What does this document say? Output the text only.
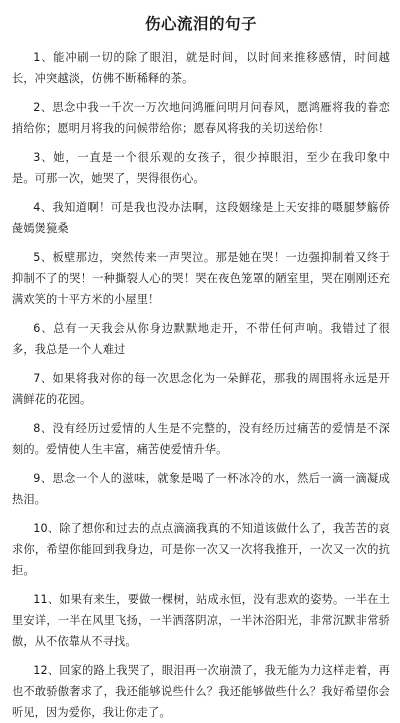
伤心流泪的句子

1、能冲刷一切的除了眼泪，就是时间，以时间来推移感情，时间越长，冲突越淡，仿佛不断稀释的茶。

2、思念中我一千次一万次地问鸿雁问明月问春风，愿鸿雁将我的眷恋捎给你；愿明月将我的问候带给你；愿春风将我的关切送给你！

3、她，一直是一个很乐观的女孩子，很少掉眼泪，至少在我印象中是。可那一次，她哭了，哭得很伤心。

4、我知道啊！可是我也没办法啊，这段姻缘是上天安排的嗫腿梦觞侨彘嫣煲獍桑

5、板壁那边，突然传来一声哭泣。那是她在哭！一边强抑制着又终于抑制不了的哭！一种撕裂人心的哭！哭在夜色笼罩的陋室里，哭在刚刚还充满欢笑的十平方米的小屋里！

6、总有一天我会从你身边默默地走开，不带任何声响。我错过了很多，我总是一个人难过

7、如果将我对你的每一次思念化为一朵鲜花，那我的周围将永远是开满鲜花的花园。

8、没有经历过爱情的人生是不完整的，没有经历过痛苦的爱情是不深刻的。爱情使人生丰富，痛苦使爱情升华。

9、思念一个人的滋味，就象是喝了一杯冰冷的水，然后一滴一滴凝成热泪。

10、除了想你和过去的点点滴滴我真的不知道该做什么了，我苦苦的哀求你，希望你能回到我身边，可是你一次又一次将我推开，一次又一次的抗拒。

11、如果有来生，要做一棵树，站成永恒，没有悲欢的姿势。一半在土里安详，一半在风里飞扬，一半洒落阴凉，一半沐浴阳光，非常沉默非常骄傲，从不依靠从不寻找。

12、回家的路上我哭了，眼泪再一次崩溃了，我无能为力这样走着，再也不敢骄傲奢求了，我还能够说些什么？我还能够做些什么？我好希望你会听见，因为爱你，我让你走了。
